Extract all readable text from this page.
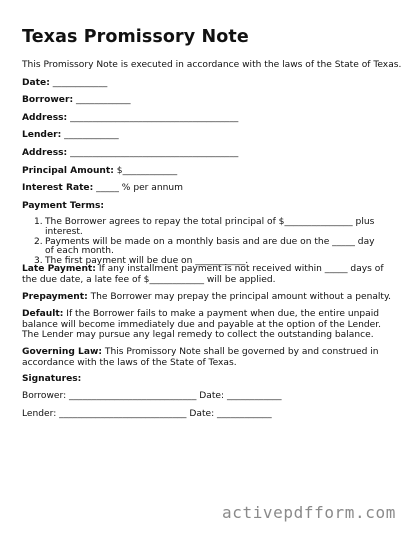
Texas Promissory Note
This Promissory Note is executed in accordance with the laws of the State of Texas.
Date: ____________
Borrower: ____________
Address: _____________________________________
Lender: ____________
Address: _____________________________________
Principal Amount: $____________
Interest Rate: _____ % per annum
Payment Terms:
1. The Borrower agrees to repay the total principal of $_______________ plus interest.
2. Payments will be made on a monthly basis and are due on the _____ day of each month.
3. The first payment will be due on ___________.
Late Payment: If any installment payment is not received within _____ days of the due date, a late fee of $____________ will be applied.
Prepayment: The Borrower may prepay the principal amount without a penalty.
Default: If the Borrower fails to make a payment when due, the entire unpaid balance will become immediately due and payable at the option of the Lender. The Lender may pursue any legal remedy to collect the outstanding balance.
Governing Law: This Promissory Note shall be governed by and construed in accordance with the laws of the State of Texas.
Signatures:
Borrower: ____________________________ Date: ____________
Lender: ____________________________ Date: ____________
activepdfform.com
